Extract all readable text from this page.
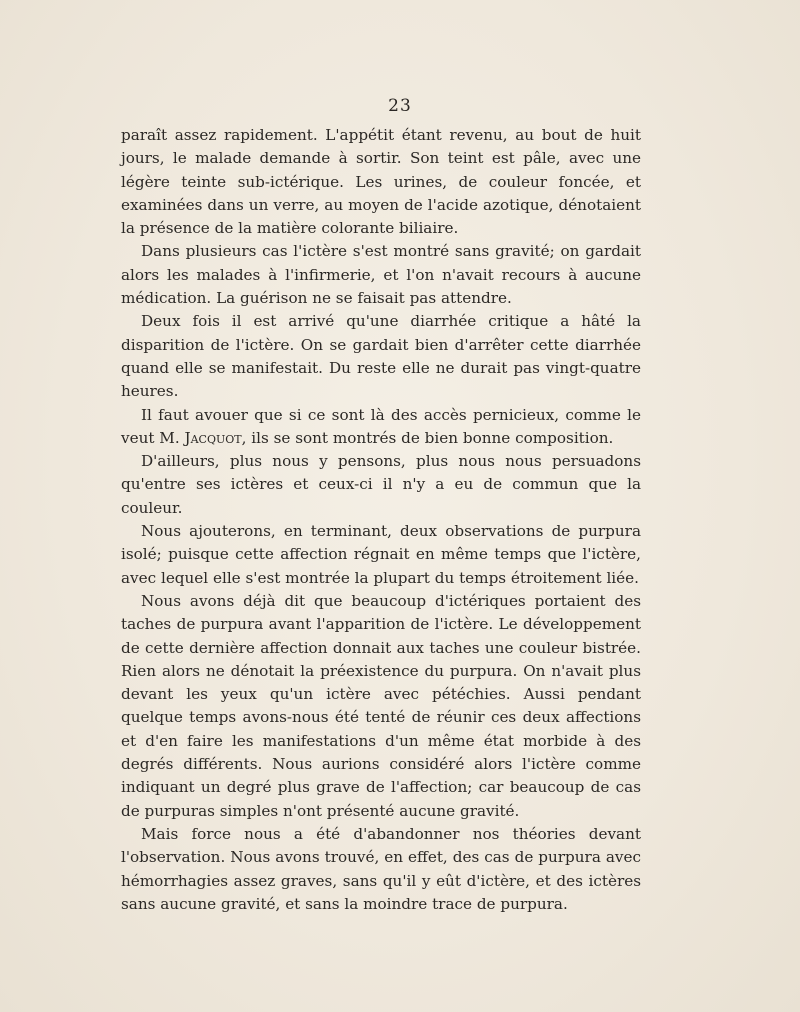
23

paraît assez rapidement. L'appétit étant revenu, au bout de huit jours, le malade demande à sortir. Son teint est pâle, avec une légère teinte sub-ictérique. Les urines, de couleur foncée, et examinées dans un verre, au moyen de l'acide azotique, dénotaient la présence de la matière colorante biliaire.

Dans plusieurs cas l'ictère s'est montré sans gravité; on gardait alors les malades à l'infirmerie, et l'on n'avait recours à aucune médication. La guérison ne se faisait pas attendre.

Deux fois il est arrivé qu'une diarrhée critique a hâté la disparition de l'ictère. On se gardait bien d'arrêter cette diarrhée quand elle se manifestait. Du reste elle ne durait pas vingt-quatre heures.

Il faut avouer que si ce sont là des accès pernicieux, comme le veut M. Jacquot, ils se sont montrés de bien bonne composition.

D'ailleurs, plus nous y pensons, plus nous nous persuadons qu'entre ses ictères et ceux-ci il n'y a eu de commun que la couleur.

Nous ajouterons, en terminant, deux observations de purpura isolé; puisque cette affection régnait en même temps que l'ictère, avec lequel elle s'est montrée la plupart du temps étroitement liée.

Nous avons déjà dit que beaucoup d'ictériques portaient des taches de purpura avant l'apparition de l'ictère. Le développement de cette dernière affection donnait aux taches une couleur bistrée. Rien alors ne dénotait la préexistence du purpura. On n'avait plus devant les yeux qu'un ictère avec pétéchies. Aussi pendant quelque temps avons-nous été tenté de réunir ces deux affections et d'en faire les manifestations d'un même état morbide à des degrés différents. Nous aurions considéré alors l'ictère comme indiquant un degré plus grave de l'affection; car beaucoup de cas de purpuras simples n'ont présenté aucune gravité.

Mais force nous a été d'abandonner nos théories devant l'observation. Nous avons trouvé, en effet, des cas de purpura avec hémorrhagies assez graves, sans qu'il y eût d'ictère, et des ictères sans aucune gravité, et sans la moindre trace de purpura.
